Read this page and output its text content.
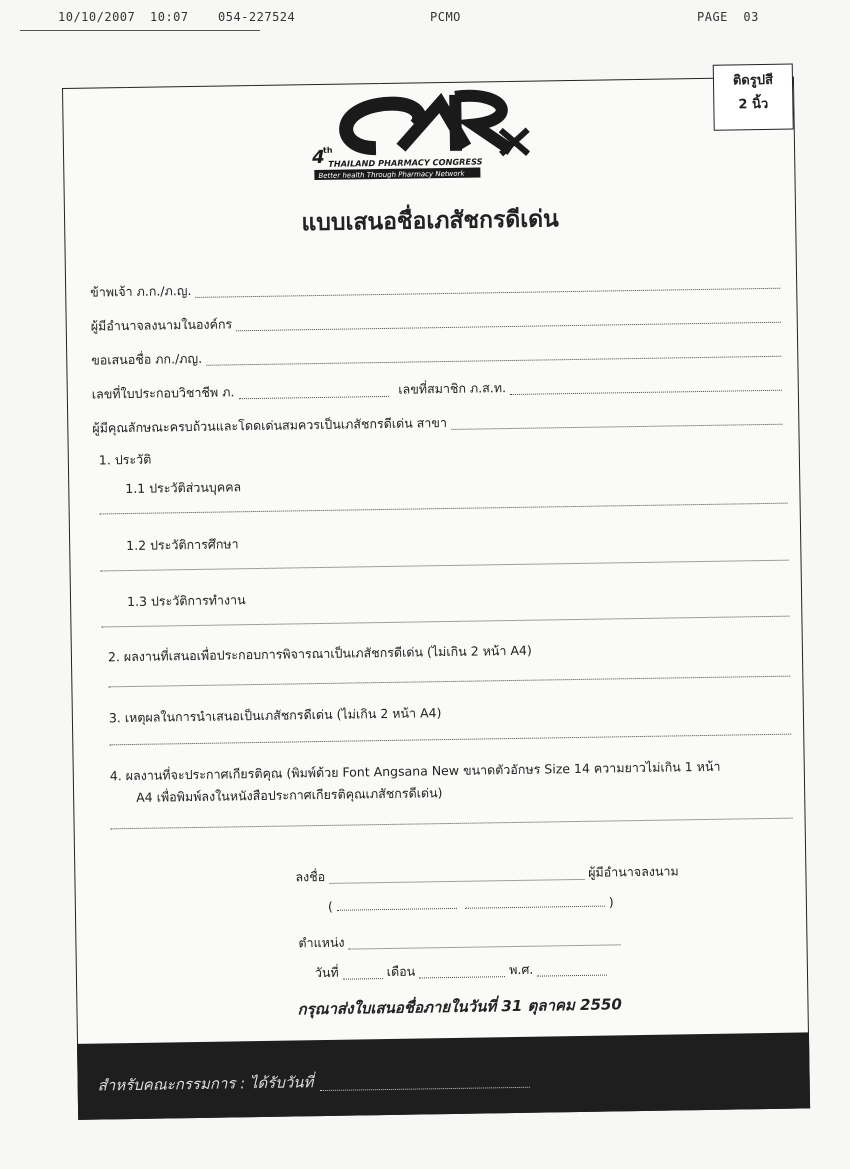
10/10/2007 10:07 054-227524	PCMO	PAGE  03
ติดรูปสี
2 นิ้ว
4
th
THAILAND PHARMACY CONGRESS
Better health Through Pharmacy Network
แบบเสนอชื่อเภสัชกรดีเด่น
ข้าพเจ้า ภ.ก./ภ.ญ.
ผู้มีอำนาจลงนามในองค์กร
ขอเสนอชื่อ ภก./ภญ.
เลขที่ใบประกอบวิชาชีพ ภ.	เลขที่สมาชิก ภ.ส.ท.
ผู้มีคุณลักษณะครบถ้วนและโดดเด่นสมควรเป็นเภสัชกรดีเด่น สาขา
1. ประวัติ
1.1 ประวัติส่วนบุคคล
1.2 ประวัติการศึกษา
1.3 ประวัติการทำงาน
2. ผลงานที่เสนอเพื่อประกอบการพิจารณาเป็นเภสัชกรดีเด่น (ไม่เกิน 2 หน้า A4)
3. เหตุผลในการนำเสนอเป็นเภสัชกรดีเด่น (ไม่เกิน 2 หน้า A4)
4. ผลงานที่จะประกาศเกียรติคุณ (พิมพ์ด้วย Font Angsana New ขนาดตัวอักษร Size 14 ความยาวไม่เกิน 1 หน้า
A4 เพื่อพิมพ์ลงในหนังสือประกาศเกียรติคุณเภสัชกรดีเด่น)
ลงชื่อ	ผู้มีอำนาจลงนาม
(	)
ตำแหน่ง
วันที่	เดือน	พ.ศ.
กรุณาส่งใบเสนอชื่อภายในวันที่ 31 ตุลาคม 2550
สำหรับคณะกรรมการ : ได้รับวันที่
